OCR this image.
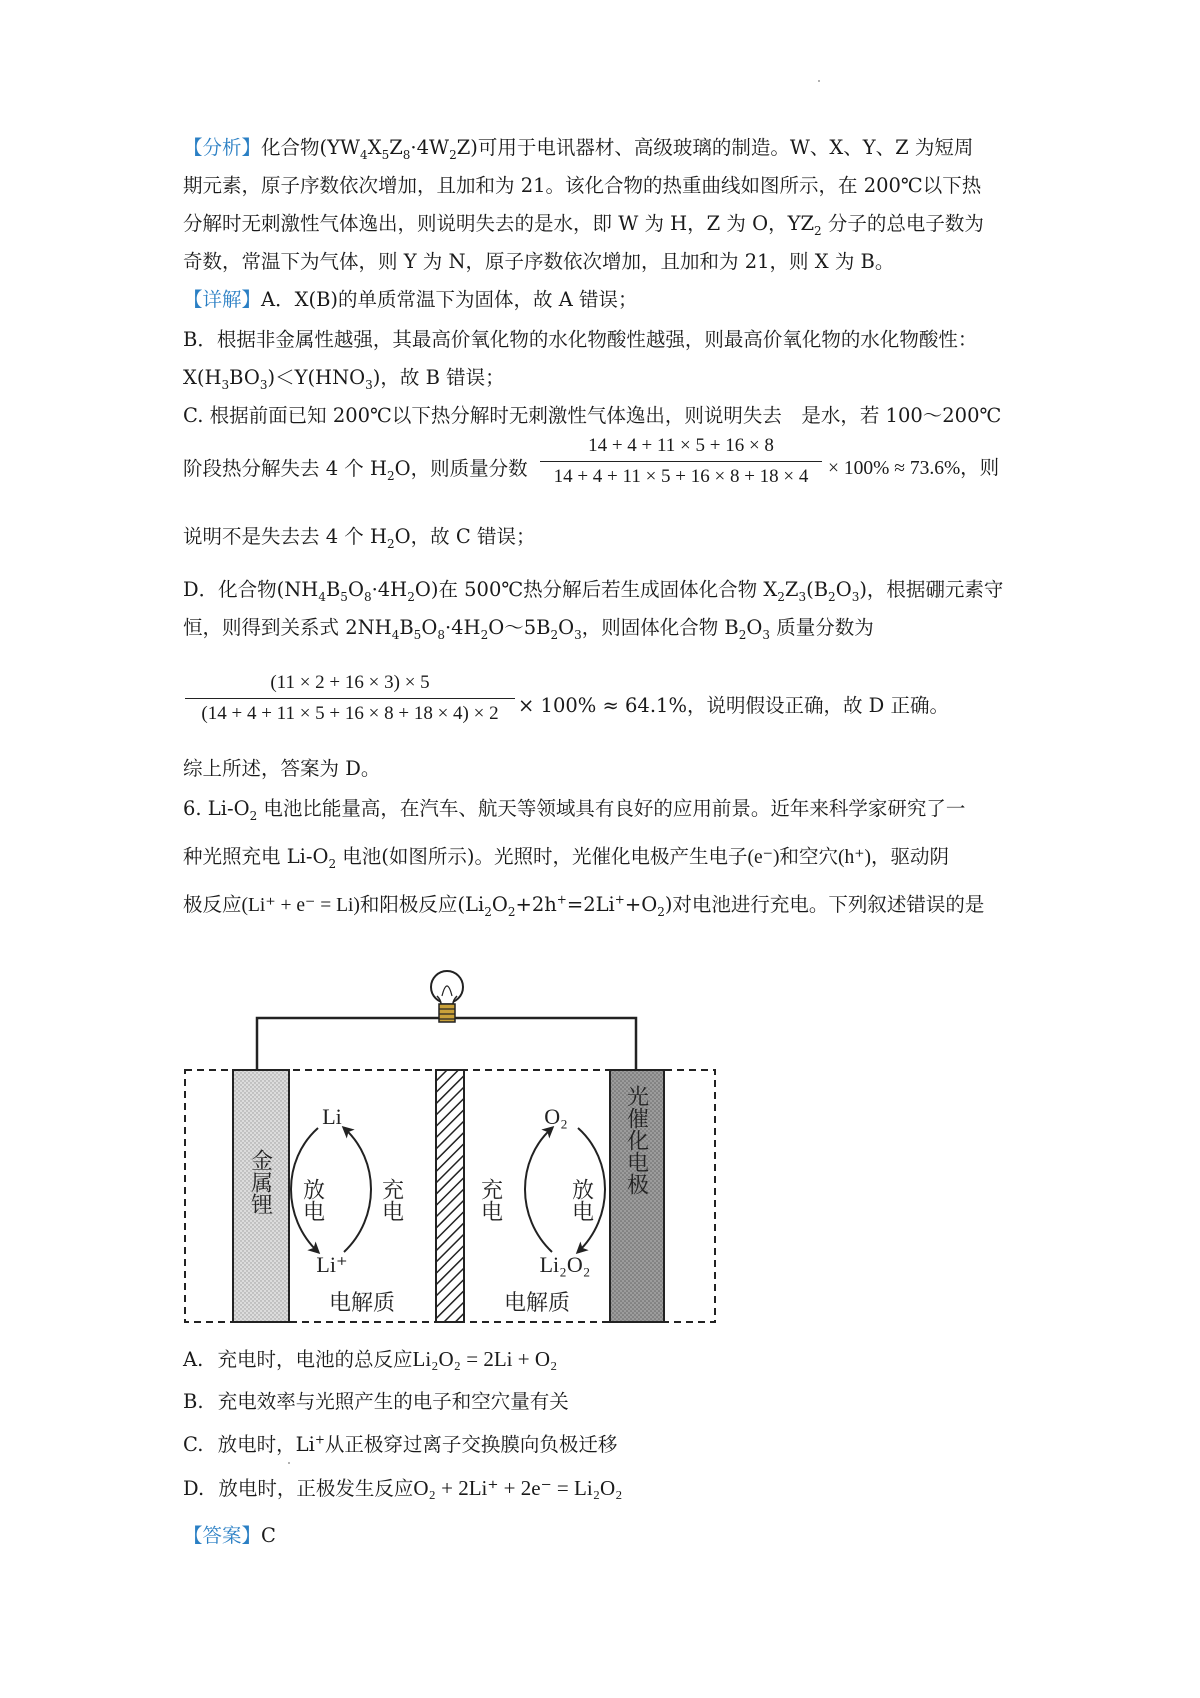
【分析】化合物$(YW_4X_5Z_8\cdot 4W_2Z)$可用于电讯器材、高级玻璃的制造。W、X、Y、Z 为短周
期元素，原子序数依次增加，且加和为 21。该化合物的热重曲线如图所示，在 200℃以下热
分解时无刺激性气体逸出，则说明失去的是水，即 W 为 H，Z 为 O，$YZ_2$ 分子的总电子数为
奇数，常温下为气体，则 Y 为 N，原子序数依次增加，且加和为 21，则 X 为 B。
【详解】A．X(B)的单质常温下为固体，故 A 错误；
B．根据非金属性越强，其最高价氧化物的水化物酸性越强，则最高价氧化物的水化物酸性：
$X(H_3BO_3)<Y(HNO_3)$，故 B 错误；
C. 根据前面已知 200℃以下热分解时无刺激性气体逸出，则说明失去　是水，若 100～200℃
阶段热分解失去 4 个 $H_2O$，则质量分数 $\frac{14 + 4 + 11 \times 5 + 16 \times 8}{14 + 4 + 11 \times 5 + 16 \times 8 + 18 \times 4} \times 100\% \approx 73.6\%$，则
说明不是失去去 4 个 $H_2O$，故 C 错误；
D．化合物$(NH_4B_5O_8\cdot 4H_2O)$在 500℃热分解后若生成固体化合物 $X_2Z_3(B_2O_3)$，根据硼元素守
恒，则得到关系式 $2NH_4B_5O_8\cdot 4H_2O\sim 5B_2O_3$，则固体化合物 $B_2O_3$ 质量分数为
$\frac{(11 \times 2 + 16 \times 3) \times 5}{(14 + 4 + 11 \times 5 + 16 \times 8 + 18 \times 4) \times 2} \times 100\% \approx 64.1\%$，说明假设正确，故 D 正确。
综上所述，答案为 D。
6. $Li-O_2$ 电池比能量高，在汽车、航天等领域具有良好的应用前景。近年来科学家研究了一
种光照充电 $Li-O_2$ 电池(如图所示)。光照时，光催化电极产生电子(e⁻)和空穴(h⁺)，驱动阴
极反应(Li⁺ + e⁻ = Li)和阳极反应$(Li_2O_2+2h^+=2Li^++O_2)$对电池进行充电。下列叙述错误的是
金属锂	光催化电极
Li
Li⁺
O₂
Li₂O₂
放电 充电	充电	放电
电解质	电解质
A. 充电时，电池的总反应Li₂O₂ = 2Li + O₂
B. 充电效率与光照产生的电子和空穴量有关
C. 放电时，Li+从正极穿过离子交换膜向负极迁移
D. 放电时，正极发生反应O₂ + 2Li⁺ + 2e⁻ = Li₂O₂
【答案】C
